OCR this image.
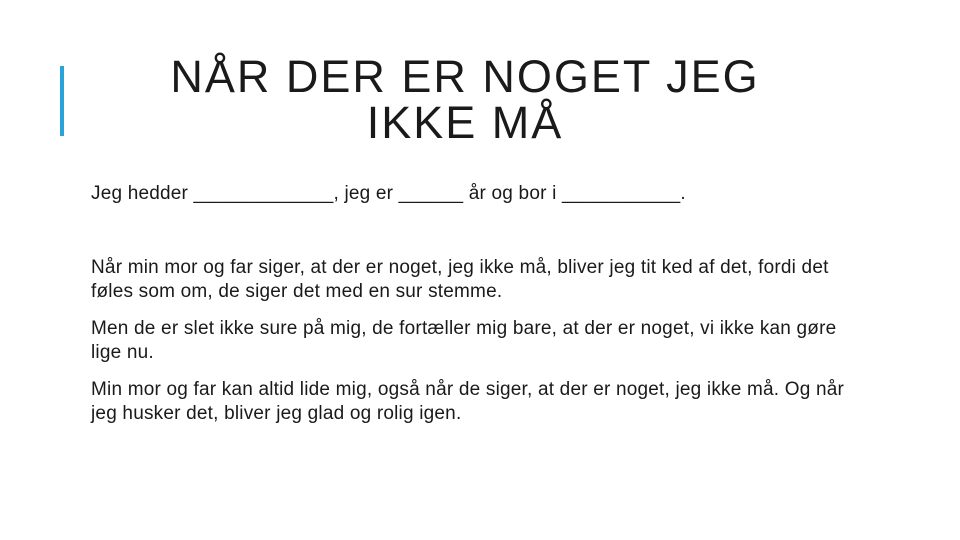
NÅR DER ER NOGET JEG IKKE MÅ

Jeg hedder _____________, jeg er ______ år og bor i ___________.

Når min mor og far siger, at der er noget, jeg ikke må, bliver jeg tit ked af det, fordi det føles som om, de siger det med en sur stemme.

Men de er slet ikke sure på mig, de fortæller mig bare, at der er noget, vi ikke kan gøre lige nu.

Min mor og far kan altid lide mig, også når de siger, at der er noget, jeg ikke må. Og når jeg husker det, bliver jeg glad og rolig igen.
